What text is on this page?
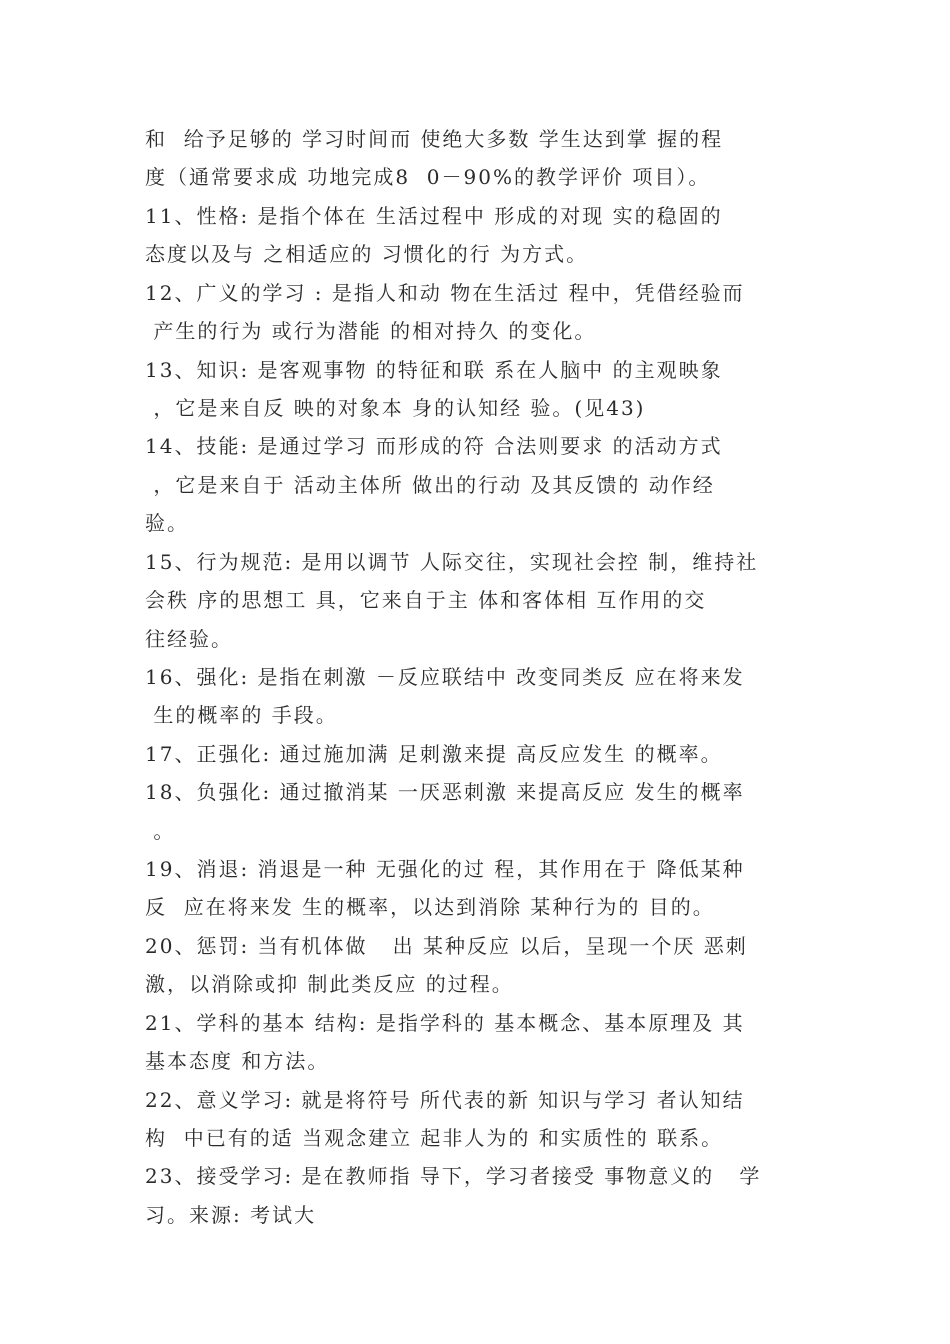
和  给予足够的 学习时间而 使绝大多数 学生达到掌 握的程
度（通常要求成 功地完成8  0－90%的教学评价 项目）。
11、性格: 是指个体在 生活过程中 形成的对现 实的稳固的
态度以及与 之相适应的 习惯化的行 为方式。
12、广义的学习 : 是指人和动 物在生活过 程中，凭借经验而
产生的行为 或行为潜能 的相对持久 的变化。
13、知识: 是客观事物 的特征和联 系在人脑中 的主观映象
，它是来自反 映的对象本 身的认知经 验。(见43)
14、技能: 是通过学习 而形成的符 合法则要求 的活动方式
，它是来自于 活动主体所 做出的行动 及其反馈的 动作经
验。
15、行为规范: 是用以调节 人际交往，实现社会控 制，维持社
会秩 序的思想工 具，它来自于主 体和客体相 互作用的交
往经验。
16、强化: 是指在刺激 －反应联结中 改变同类反 应在将来发
生的概率的 手段。
17、正强化: 通过施加满 足刺激来提 高反应发生 的概率。
18、负强化: 通过撤消某 一厌恶刺激 来提高反应 发生的概率
。
19、消退: 消退是一种 无强化的过 程，其作用在于 降低某种
反  应在将来发 生的概率，以达到消除 某种行为的 目的。
20、惩罚: 当有机体做   出 某种反应 以后，呈现一个厌 恶刺
激，以消除或抑 制此类反应 的过程。
21、学科的基本 结构: 是指学科的 基本概念、基本原理及 其
基本态度 和方法。
22、意义学习: 就是将符号 所代表的新 知识与学习 者认知结
构  中已有的适 当观念建立 起非人为的 和实质性的 联系。
23、接受学习: 是在教师指 导下，学习者接受 事物意义的   学
习。来源: 考试大
